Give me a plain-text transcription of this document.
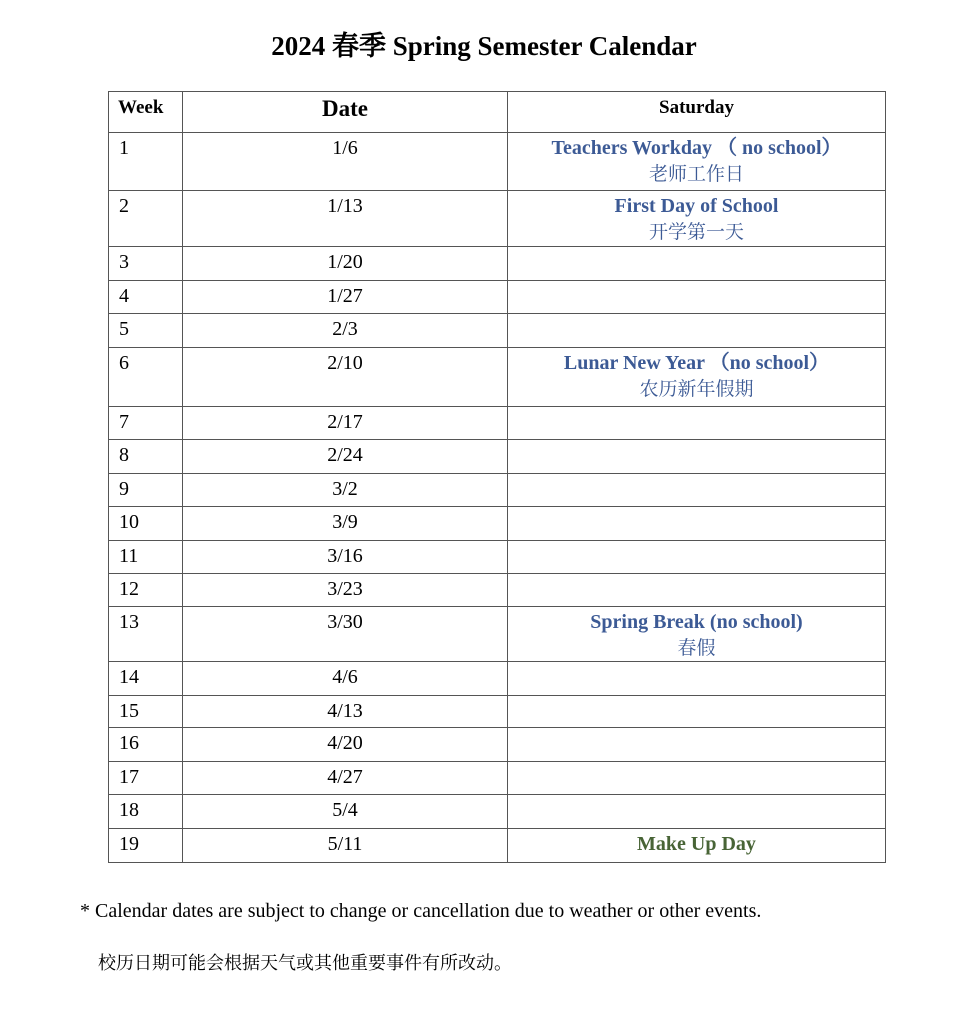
2024 春季 Spring Semester Calendar
Week	Date	Saturday
1	1/6	Teachers Workday （ no school）
老师工作日

2	1/13	First Day of School
开学第一天

3	1/20	
4	1/27	
5	2/3	
6	2/10	Lunar New Year （no school）
农历新年假期

7	2/17	
8	2/24	
9	3/2	
10	3/9	
11	3/16	
12	3/23	
13	3/30	Spring Break (no school)
春假

14	4/6	
15	4/13	
16	4/20	
17	4/27	
18	5/4	
19	5/11	Make Up Day
* Calendar dates are subject to change or cancellation due to weather or other events.
校历日期可能会根据天气或其他重要事件有所改动。
